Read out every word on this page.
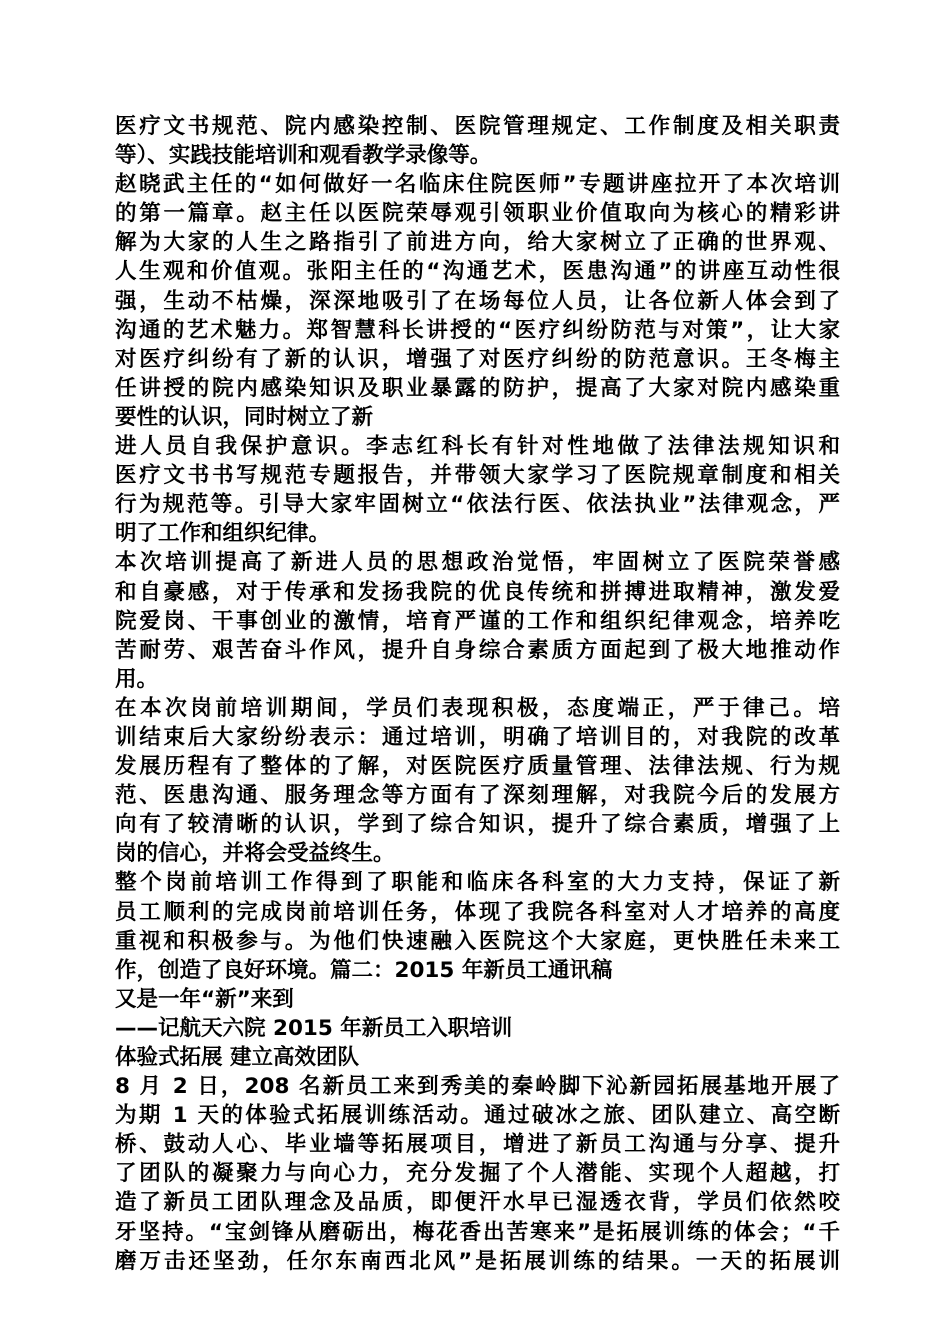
医疗文书规范、院内感染控制、医院管理规定、工作制度及相关职责
等）、实践技能培训和观看教学录像等。
赵晓武主任的“如何做好一名临床住院医师”专题讲座拉开了本次培训
的第一篇章。赵主任以医院荣辱观引领职业价值取向为核心的精彩讲
解为大家的人生之路指引了前进方向，给大家树立了正确的世界观、
人生观和价值观。张阳主任的“沟通艺术，医患沟通”的讲座互动性很
强，生动不枯燥，深深地吸引了在场每位人员，让各位新人体会到了
沟通的艺术魅力。郑智慧科长讲授的“医疗纠纷防范与对策”，让大家
对医疗纠纷有了新的认识，增强了对医疗纠纷的防范意识。王冬梅主
任讲授的院内感染知识及职业暴露的防护，提高了大家对院内感染重
要性的认识，同时树立了新
进人员自我保护意识。李志红科长有针对性地做了法律法规知识和
医疗文书书写规范专题报告，并带领大家学习了医院规章制度和相关
行为规范等。引导大家牢固树立“依法行医、依法执业”法律观念，严
明了工作和组织纪律。
本次培训提高了新进人员的思想政治觉悟，牢固树立了医院荣誉感
和自豪感，对于传承和发扬我院的优良传统和拼搏进取精神，激发爱
院爱岗、干事创业的激情，培育严谨的工作和组织纪律观念，培养吃
苦耐劳、艰苦奋斗作风，提升自身综合素质方面起到了极大地推动作
用。
在本次岗前培训期间，学员们表现积极，态度端正，严于律己。培
训结束后大家纷纷表示：通过培训，明确了培训目的，对我院的改革
发展历程有了整体的了解，对医院医疗质量管理、法律法规、行为规
范、医患沟通、服务理念等方面有了深刻理解，对我院今后的发展方
向有了较清晰的认识，学到了综合知识，提升了综合素质，增强了上
岗的信心，并将会受益终生。
整个岗前培训工作得到了职能和临床各科室的大力支持，保证了新
员工顺利的完成岗前培训任务，体现了我院各科室对人才培养的高度
重视和积极参与。为他们快速融入医院这个大家庭，更快胜任未来工
作，创造了良好环境。篇二：2015 年新员工通讯稿
又是一年“新”来到
——记航天六院 2015 年新员工入职培训
体验式拓展 建立高效团队
8 月 2 日，208 名新员工来到秀美的秦岭脚下沁新园拓展基地开展了
为期 1 天的体验式拓展训练活动。通过破冰之旅、团队建立、高空断
桥、鼓动人心、毕业墙等拓展项目，增进了新员工沟通与分享、提升
了团队的凝聚力与向心力，充分发掘了个人潜能、实现个人超越，打
造了新员工团队理念及品质，即便汗水早已湿透衣背，学员们依然咬
牙坚持。“宝剑锋从磨砺出，梅花香出苦寒来”是拓展训练的体会；“千
磨万击还坚劲，任尔东南西北风”是拓展训练的结果。一天的拓展训
